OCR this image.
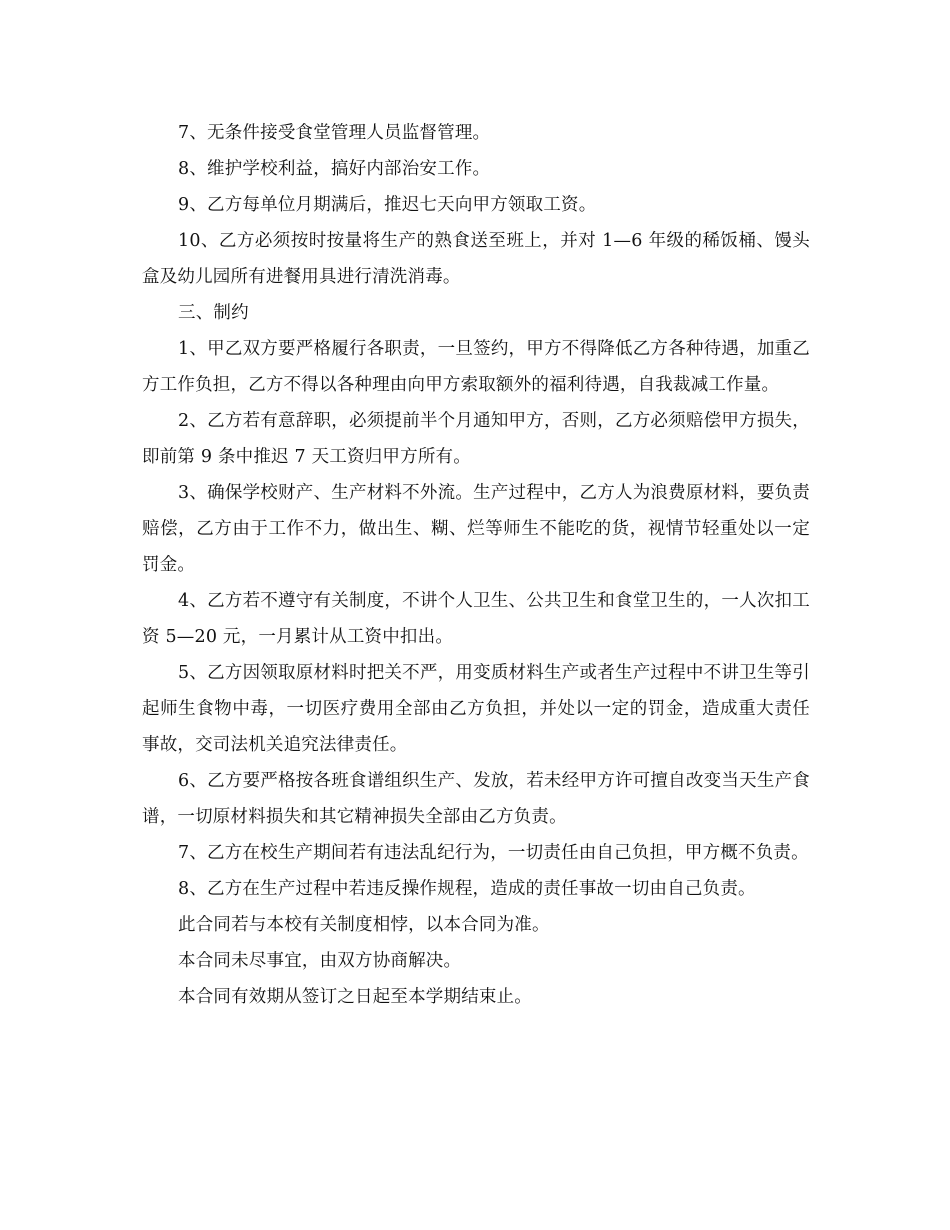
7、无条件接受食堂管理人员监督管理。

8、维护学校利益，搞好内部治安工作。

9、乙方每单位月期满后，推迟七天向甲方领取工资。

10、乙方必须按时按量将生产的熟食送至班上，并对 1—6 年级的稀饭桶、馒头盒及幼儿园所有进餐用具进行清洗消毒。

三、制约

1、甲乙双方要严格履行各职责，一旦签约，甲方不得降低乙方各种待遇，加重乙方工作负担，乙方不得以各种理由向甲方索取额外的福利待遇，自我裁减工作量。

2、乙方若有意辞职，必须提前半个月通知甲方，否则，乙方必须赔偿甲方损失，即前第 9 条中推迟 7 天工资归甲方所有。

3、确保学校财产、生产材料不外流。生产过程中，乙方人为浪费原材料，要负责赔偿，乙方由于工作不力，做出生、糊、烂等师生不能吃的货，视情节轻重处以一定罚金。

4、乙方若不遵守有关制度，不讲个人卫生、公共卫生和食堂卫生的，一人次扣工资 5—20 元，一月累计从工资中扣出。

5、乙方因领取原材料时把关不严，用变质材料生产或者生产过程中不讲卫生等引起师生食物中毒，一切医疗费用全部由乙方负担，并处以一定的罚金，造成重大责任事故，交司法机关追究法律责任。

6、乙方要严格按各班食谱组织生产、发放，若未经甲方许可擅自改变当天生产食谱，一切原材料损失和其它精神损失全部由乙方负责。

7、乙方在校生产期间若有违法乱纪行为，一切责任由自己负担，甲方概不负责。

8、乙方在生产过程中若违反操作规程，造成的责任事故一切由自己负责。

此合同若与本校有关制度相悖，以本合同为准。

本合同未尽事宜，由双方协商解决。

本合同有效期从签订之日起至本学期结束止。
